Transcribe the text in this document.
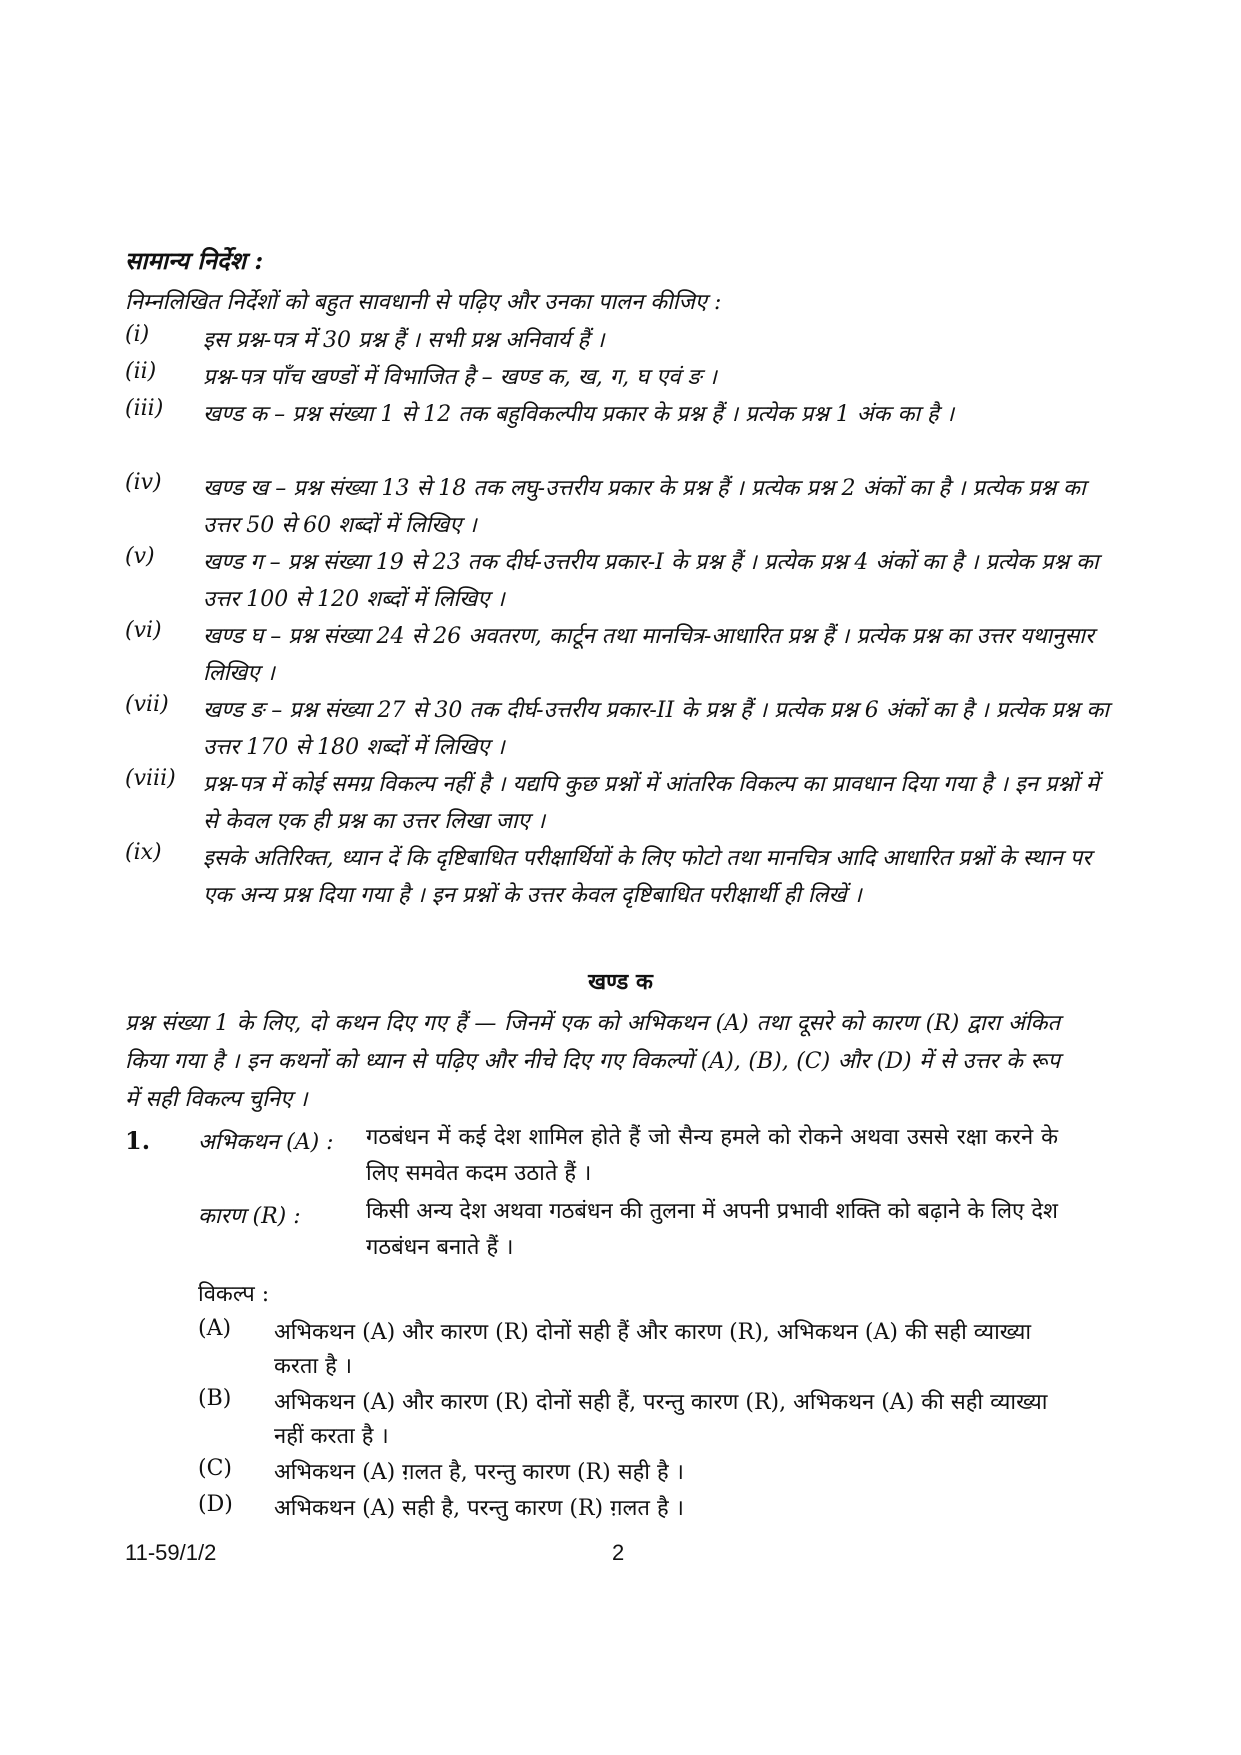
सामान्य निर्देश :
निम्नलिखित निर्देशों को बहुत सावधानी से पढ़िए और उनका पालन कीजिए :
(i)	इस प्रश्न-पत्र में 30 प्रश्न हैं । सभी प्रश्न अनिवार्य हैं ।
(ii)	प्रश्न-पत्र पाँच खण्डों में विभाजित है – खण्ड क, ख, ग, घ एवं ङ ।
(iii)	खण्ड क – प्रश्न संख्या 1 से 12 तक बहुविकल्पीय प्रकार के प्रश्न हैं । प्रत्येक प्रश्न 1 अंक का है ।
(iv)	खण्ड ख – प्रश्न संख्या 13 से 18 तक लघु-उत्तरीय प्रकार के प्रश्न हैं । प्रत्येक प्रश्न 2 अंकों का है । प्रत्येक प्रश्न का उत्तर 50 से 60 शब्दों में लिखिए ।
(v)	खण्ड ग – प्रश्न संख्या 19 से 23 तक दीर्घ-उत्तरीय प्रकार-I के प्रश्न हैं । प्रत्येक प्रश्न 4 अंकों का है । प्रत्येक प्रश्न का उत्तर 100 से 120 शब्दों में लिखिए ।
(vi)	खण्ड घ – प्रश्न संख्या 24 से 26 अवतरण, कार्टून तथा मानचित्र-आधारित प्रश्न हैं । प्रत्येक प्रश्न का उत्तर यथानुसार लिखिए ।
(vii)	खण्ड ङ – प्रश्न संख्या 27 से 30 तक दीर्घ-उत्तरीय प्रकार-II के प्रश्न हैं । प्रत्येक प्रश्न 6 अंकों का है । प्रत्येक प्रश्न का उत्तर 170 से 180 शब्दों में लिखिए ।
(viii)	प्रश्न-पत्र में कोई समग्र विकल्प नहीं है । यद्यपि कुछ प्रश्नों में आंतरिक विकल्प का प्रावधान दिया गया है । इन प्रश्नों में से केवल एक ही प्रश्न का उत्तर लिखा जाए ।
(ix)	इसके अतिरिक्त, ध्यान दें कि दृष्टिबाधित परीक्षार्थियों के लिए फोटो तथा मानचित्र आदि आधारित प्रश्नों के स्थान पर एक अन्य प्रश्न दिया गया है । इन प्रश्नों के उत्तर केवल दृष्टिबाधित परीक्षार्थी ही लिखें ।
खण्ड क
प्रश्न संख्या 1 के लिए, दो कथन दिए गए हैं — जिनमें एक को अभिकथन (A) तथा दूसरे को कारण (R) द्वारा अंकित किया गया है । इन कथनों को ध्यान से पढ़िए और नीचे दिए गए विकल्पों (A), (B), (C) और (D) में से उत्तर के रूप में सही विकल्प चुनिए ।
1. अभिकथन (A) : गठबंधन में कई देश शामिल होते हैं जो सैन्य हमले को रोकने अथवा उससे रक्षा करने के लिए समवेत कदम उठाते हैं ।
कारण (R) :	किसी अन्य देश अथवा गठबंधन की तुलना में अपनी प्रभावी शक्ति को बढ़ाने के लिए देश गठबंधन बनाते हैं ।
विकल्प :
(A) अभिकथन (A) और कारण (R) दोनों सही हैं और कारण (R), अभिकथन (A) की सही व्याख्या करता है ।
(B) अभिकथन (A) और कारण (R) दोनों सही हैं, परन्तु कारण (R), अभिकथन (A) की सही व्याख्या नहीं करता है ।
(C) अभिकथन (A) ग़लत है, परन्तु कारण (R) सही है ।
(D) अभिकथन (A) सही है, परन्तु कारण (R) ग़लत है ।
11-59/1/2	2
